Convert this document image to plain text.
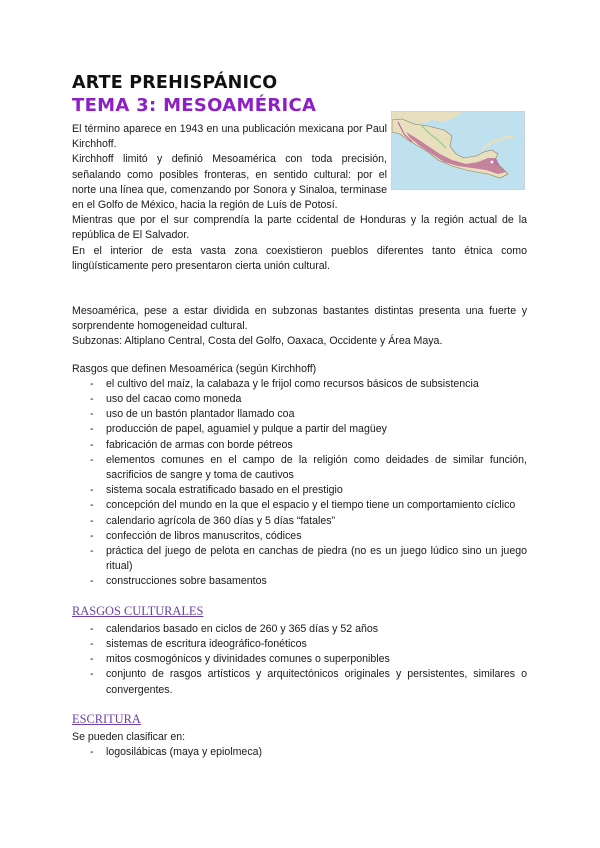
ARTE PREHISPÁNICO
TEMA 3: MESOAMÉRICA

El término aparece en 1943 en una publicación mexicana por Paul Kirchhoff.

Kirchhoff limitó y definió Mesoamérica con toda precisión, señalando como posibles fronteras, en sentido cultural: por el norte una línea que, comenzando por Sonora y Sinaloa, terminase en el Golfo de México, hacia la región de Luís de Potosí.

Mientras que por el sur comprendía la parte ccidental de Honduras y la región actual de la república de El Salvador.

En el interior de esta vasta zona coexistieron pueblos diferentes tanto étnica como lingüísticamente pero presentaron cierta unión cultural.

Mesoamérica, pese a estar dividida en subzonas bastantes distintas presenta una fuerte y sorprendente homogeneidad cultural.

Subzonas: Altiplano Central, Costa del Golfo, Oaxaca, Occidente y Área Maya.

Rasgos que definen Mesoamérica (según Kirchhoff)

- el cultivo del maíz, la calabaza y le frijol como recursos básicos de subsistencia
- uso del cacao como moneda
- uso de un bastón plantador llamado coa
- producción de papel, aguamiel y pulque a partir del magüey
- fabricación de armas con borde pétreos
- elementos comunes en el campo de la religión como deidades de similar función, sacrificios de sangre y toma de cautivos
- sistema socala estratificado basado en el prestigio
- concepción del mundo en la que el espacio y el tiempo tiene un comportamiento cíclico
- calendario agrícola de 360 días y 5 días “fatales”
- confección de libros manuscritos, códices
- práctica del juego de pelota en canchas de piedra (no es un juego lúdico sino un juego ritual)
- construcciones sobre basamentos
RASGOS CULTURALES
- calendarios basado en ciclos de 260 y 365 días y 52 años
- sistemas de escritura ideográfico-fonéticos
- mitos cosmogónicos y divinidades comunes o superponibles
- conjunto de rasgos artísticos y arquitectónicos originales y persistentes, similares o convergentes.
ESCRITURA

Se pueden clasificar en:

- logosilábicas (maya y epiolmeca)
